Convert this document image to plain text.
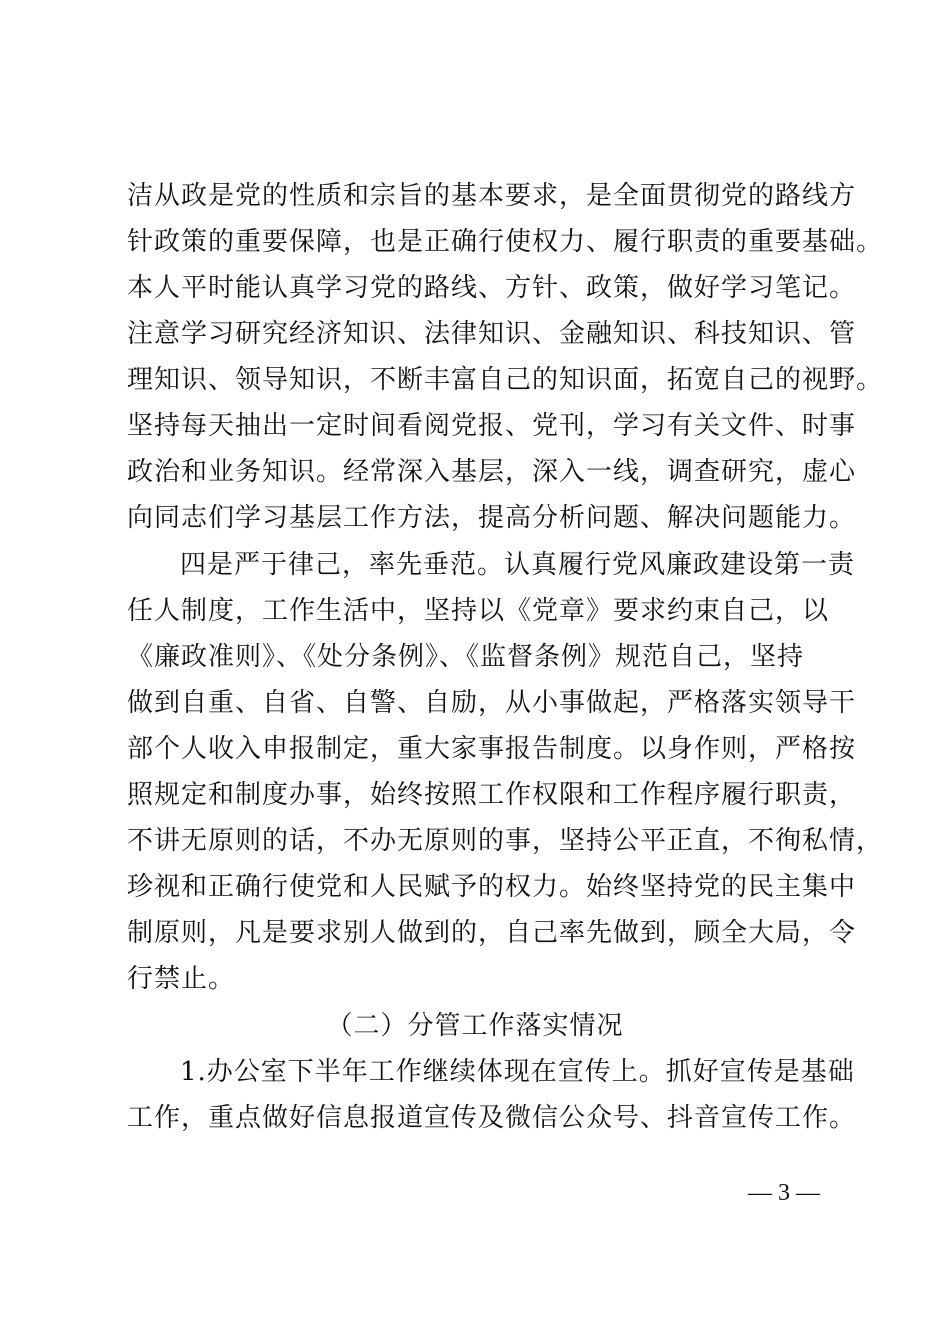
洁从政是党的性质和宗旨的基本要求，是全面贯彻党的路线方
针政策的重要保障，也是正确行使权力、履行职责的重要基础。
本人平时能认真学习党的路线、方针、政策，做好学习笔记。
注意学习研究经济知识、法律知识、金融知识、科技知识、管
理知识、领导知识，不断丰富自己的知识面，拓宽自己的视野。
坚持每天抽出一定时间看阅党报、党刊，学习有关文件、时事
政治和业务知识。经常深入基层，深入一线，调查研究，虚心
向同志们学习基层工作方法，提高分析问题、解决问题能力。
四是严于律己，率先垂范。认真履行党风廉政建设第一责
任人制度，工作生活中，坚持以《党章》要求约束自己，以
《廉政准则》、《处分条例》、《监督条例》规范自己，坚持
做到自重、自省、自警、自励，从小事做起，严格落实领导干
部个人收入申报制定，重大家事报告制度。以身作则，严格按
照规定和制度办事，始终按照工作权限和工作程序履行职责，
不讲无原则的话，不办无原则的事，坚持公平正直，不徇私情，
珍视和正确行使党和人民赋予的权力。始终坚持党的民主集中
制原则，凡是要求别人做到的，自己率先做到，顾全大局，令
行禁止。
（二）分管工作落实情况
1.办公室下半年工作继续体现在宣传上。抓好宣传是基础
工作，重点做好信息报道宣传及微信公众号、抖音宣传工作。
— 3 —
